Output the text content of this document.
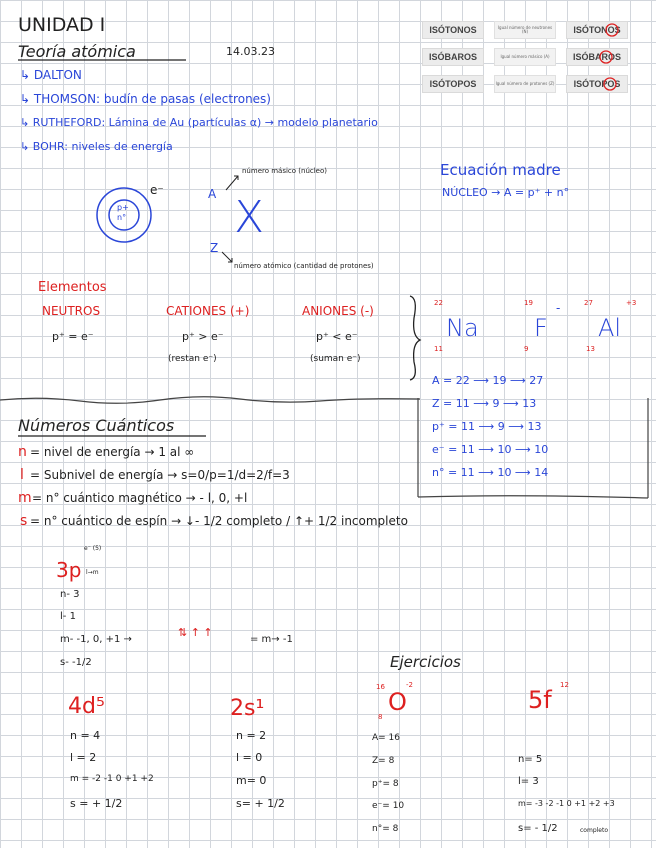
UNIDAD I
Teoría atómica	14.03.23
ISÓTONOS	Igual número de neutrones (N)	ISÓTONOS
ISÓBAROS	Igual número másico (A)	ISÓBAROS
ISÓTOPOS	Igual número de protones (Z)	ISÓTOPOS
↳ DALTON
↳ THOMSON: budín de pasas (electrones)
↳ RUTHEFORD: Lámina de Au (partículas α) → modelo planetario
↳ BOHR: niveles de energía
p+
n°
e⁻	A X
Z
número másico (núcleo)
número atómico (cantidad de protones)
Ecuación madre
NÚCLEO → A = p⁺ + n°
Elementos
NEUTROS
p⁺ = e⁻
CATIONES (+)
p⁺ > e⁻
(restan e⁻)
ANIONES (-)
p⁺ < e⁻
(suman e⁻)
22
Na
11
19
F
-
9
27	+3
Al
13
A = 22 ⟶ 19 ⟶ 27
Z = 11 ⟶ 9 ⟶ 13
p⁺ = 11 ⟶ 9 ⟶ 13
e⁻ = 11 ⟶ 10 ⟶ 10
n° = 11 ⟶ 10 ⟶ 14
Números Cuánticos
n = nivel de energía → 1 al ∞
l = Subnivel de energía → s=0/p=1/d=2/f=3
m = n° cuántico magnético → - l, 0, +l
s = n° cuántico de espín → ↓- 1/2 completo / ↑+ 1/2 incompleto
e⁻ (5)
3p l→m
n- 3
l- 1
m- -1, 0, +1 →
⇅ ↑ ↑
= m→ -1
s- -1/2	Ejercicios
4d⁵
n = 4
l = 2
m = -2 -1 0 +1 +2
s = + 1/2
2s¹
n = 2
l = 0
m= 0
s= + 1/2
16
O
-2
8
A= 16
Z= 8
p⁺= 8
e⁻= 10
n°= 8
5f
12
n= 5
l= 3
m= -3 -2 -1 0 +1 +2 +3
s= - 1/2	completo
